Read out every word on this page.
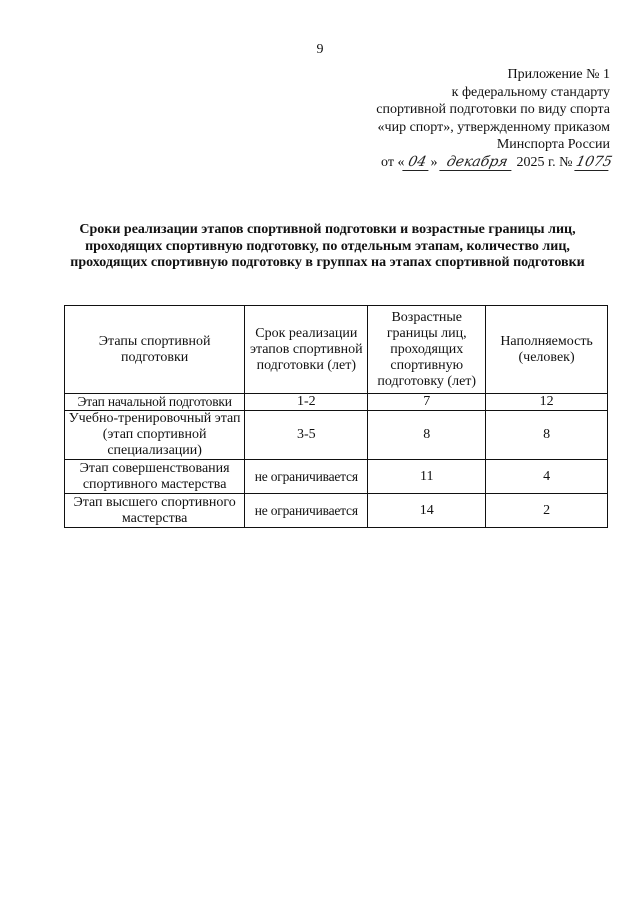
9
Приложение № 1
к федеральному стандарту
спортивной подготовки по виду спорта
«чир спорт», утвержденному приказом
Минспорта России
от « 04 » декабря 2025 г. № 1075
Сроки реализации этапов спортивной подготовки и возрастные границы лиц, проходящих спортивную подготовку, по отдельным этапам, количество лиц, проходящих спортивную подготовку в группах на этапах спортивной подготовки
Этапы спортивной подготовки	Срок реализации этапов спортивной подготовки (лет)	Возрастные границы лиц, проходящих спортивную подготовку (лет)	Наполняемость (человек)
Этап начальной подготовки	1-2	7	12
Учебно-тренировочный этап (этап спортивной специализации)	3-5	8	8
Этап совершенствования спортивного мастерства	не ограничивается	11	4
Этап высшего спортивного мастерства	не ограничивается	14	2
